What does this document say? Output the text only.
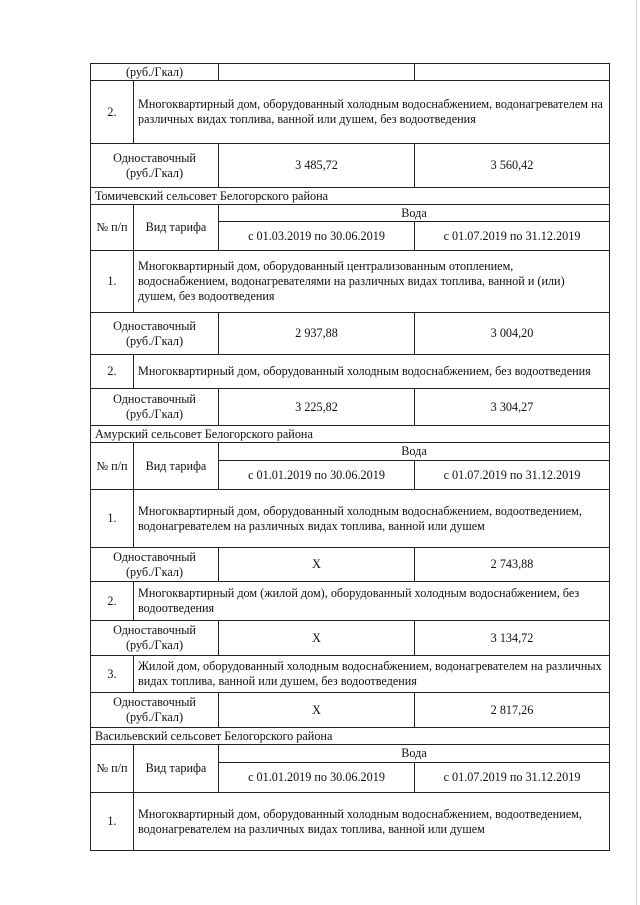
(руб./Гкал)			
2.	Многоквартирный дом, оборудованный холодным водоснабжением, водонагревателем на различных видах топлива, ванной или душем, без водоотведения		
Одноставочный
(руб./Гкал)		3 485,72	3 560,42
Томичевский сельсовет Белогорского района			
№ п/п	Вид тарифа	Вода	
		с 01.03.2019 по 30.06.2019	с 01.07.2019 по 31.12.2019
1.	Многоквартирный дом, оборудованный централизованным отоплением, водоснабжением, водонагревателями на различных видах топлива, ванной и (или) душем, без водоотведения		
Одноставочный
(руб./Гкал)		2 937,88	3 004,20
2.	Многоквартирный дом, оборудованный холодным водоснабжением, без водоотведения		
Одноставочный
(руб./Гкал)		3 225,82	3 304,27
Амурский сельсовет Белогорского района			
№ п/п	Вид тарифа	Вода	
		с 01.01.2019 по 30.06.2019	с 01.07.2019 по 31.12.2019
1.	Многоквартирный дом, оборудованный холодным водоснабжением, водоотведением, водонагревателем на различных видах топлива, ванной или душем		
Одноставочный
(руб./Гкал)		Х	2 743,88
2.	Многоквартирный дом (жилой дом), оборудованный холодным водоснабжением, без водоотведения		
Одноставочный
(руб./Гкал)		Х	3 134,72
3.	Жилой дом, оборудованный холодным водоснабжением, водонагревателем на различных видах топлива, ванной или душем, без водоотведения		
Одноставочный
(руб./Гкал)		Х	2 817,26
Васильевский сельсовет Белогорского района			
№ п/п	Вид тарифа	Вода	
		с 01.01.2019 по 30.06.2019	с 01.07.2019 по 31.12.2019
1.	Многоквартирный дом, оборудованный холодным водоснабжением, водоотведением, водонагревателем на различных видах топлива, ванной или душем		
